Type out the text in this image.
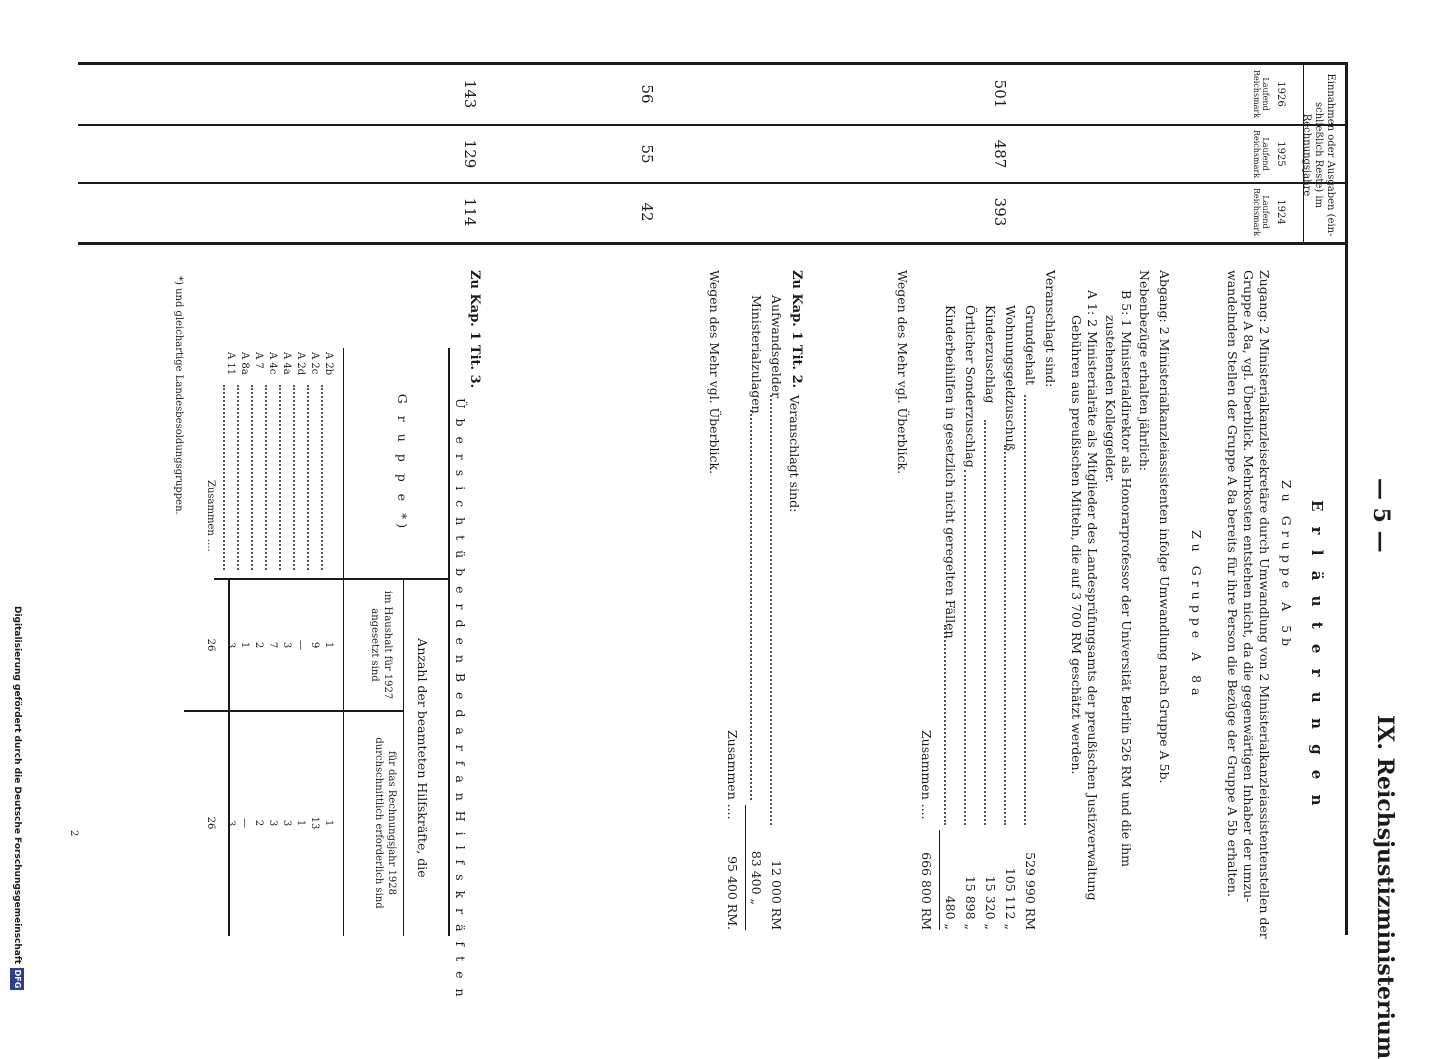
— 5 —
IX. Reichsjustizministerium
Einnahmen oder Ausgaben (ein-schließlich Reste) im Rechnungsjahre
1926
1925
1924
Laufend Reichsmark
Laufend Reichsmark
Laufend Reichsmark
501
487
393
56
55
42
143
129
114
E r l ä u t e r u n g e n
Zu Gruppe A 5b
Zugang: 2 Ministerialkanzleisekretäre durch Umwandlung von 2 Ministerialkanzleiassistentenstellen der
Gruppe A 8a, vgl. Überblick. Mehrkosten entstehen nicht, da die gegenwärtigen Inhaber der umzu-
wandelnden Stellen der Gruppe A 8a bereits für ihre Person die Bezüge der Gruppe A 5b erhalten.
Zu Gruppe A 8a
Abgang: 2 Ministerialkanzleiassistenten infolge Umwandlung nach Gruppe A 5b.
Nebenbezüge erhalten jährlich:
B 5: 1 Ministerialdirektor als Honorarprofessor der Universität Berlin 526 RM und die ihm
zustehenden Kolleggelder.
A 1: 2 Ministerialräte als Mitglieder des Landesprüfungsamts der preußischen Justizverwaltung
Gebühren aus preußischen Mitteln, die auf 3 700 RM geschätzt werden.
Veranschlagt sind:
Grundgehalt
529 990 RM
Wohnungsgeldzuschuß
105 112 „
Kinderzuschlag
15 320 „
Örtlicher Sonderzuschlag
15 898 „
Kinderbeihilfen in gesetzlich nicht geregelten Fällen
480 „
Zusammen ....
666 800 RM
Wegen des Mehr vgl. Überblick.
Zu Kap. 1 Tit. 2.
Veranschlagt sind:
Aufwandsgelder
12 000 RM
Ministerialzulagen
83 400 „
Zusammen ....
95 400 RM.
Wegen des Mehr vgl. Überblick.
Zu Kap. 1 Tit. 3.
Ü b e r s i c h t ü b e r d e n B e d a r f a n H i l f s k r ä f t e n
G r u p p e *)
Anzahl der beamteten Hilfskräfte, die
im Haushalt für 1927 angesetzt sind
für das Rechnungsjahr 1928 durchschnittlich erforderlich sind
A 2b
1
1
A 2c
9
13
A 2d
—
1
A 4a
3
3
A 4c
7
3
A 7
2
2
A 8a
1
—
A 11
3
3
Zusammen ....
26
26
*) und gleichartige Landesbesoldungsgruppen.
2
Digitalisierung gefördert durch die Deutsche Forschungsgemeinschaft
DFG
